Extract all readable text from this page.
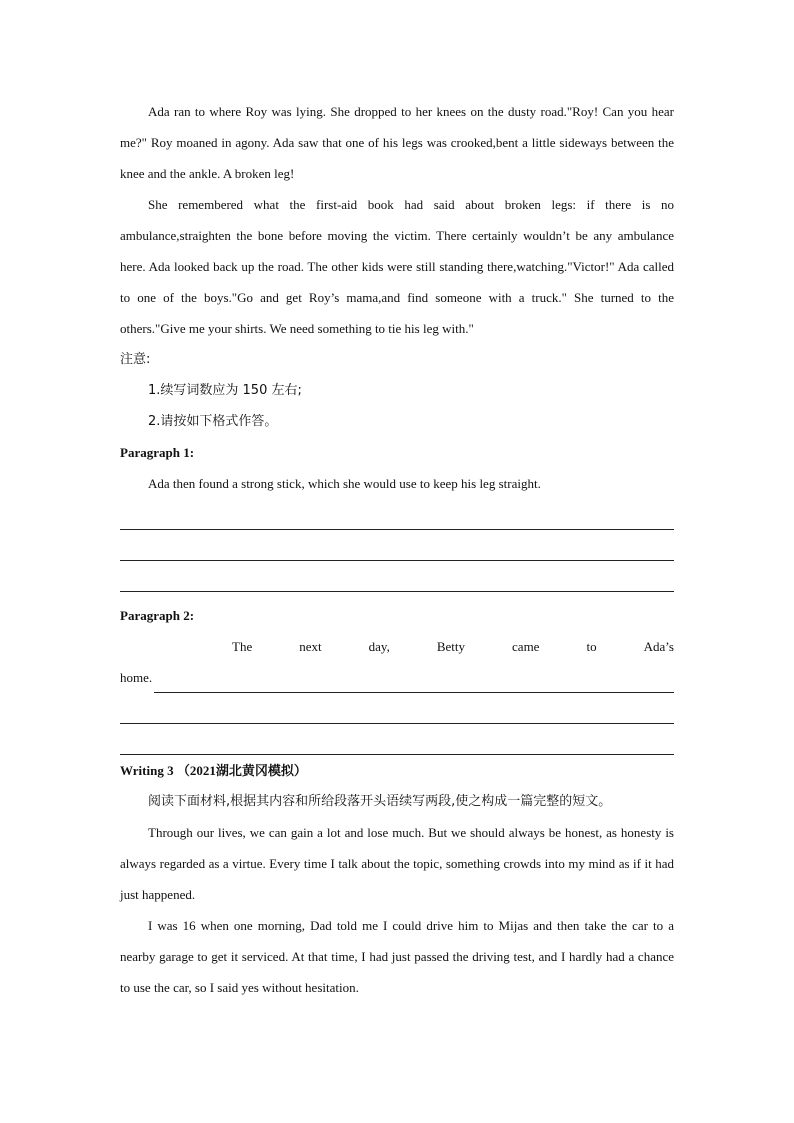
Ada ran to where Roy was lying. She dropped to her knees on the dusty road."Roy! Can you hear me?" Roy moaned in agony. Ada saw that one of his legs was crooked,bent a little sideways between the knee and the ankle. A broken leg!

She remembered what the first-aid book had said about broken legs: if there is no ambulance,straighten the bone before moving the victim. There certainly wouldn’t be any ambulance here. Ada looked back up the road. The other kids were still standing there,watching."Victor!" Ada called to one of the boys."Go and get Roy’s mama,and find someone with a truck." She turned to the others."Give me your shirts. We need something to tie his leg with."

注意:

1.续写词数应为 150 左右;

2.请按如下格式作答。

Paragraph 1:

Ada then found a strong stick, which she would use to keep his leg straight.

Paragraph 2:

The	next	day,	Betty	came	to	Ada’s

home.

Writing 3 （2021湖北黄冈模拟）

阅读下面材料,根据其内容和所给段落开头语续写两段,使之构成一篇完整的短文。

Through our lives, we can gain a lot and lose much. But we should always be honest, as honesty is always regarded as a virtue. Every time I talk about the topic, something crowds into my mind as if it had just happened.

I was 16 when one morning, Dad told me I could drive him to Mijas and then take the car to a nearby garage to get it serviced. At that time, I had just passed the driving test, and I hardly had a chance to use the car, so I said yes without hesitation.
